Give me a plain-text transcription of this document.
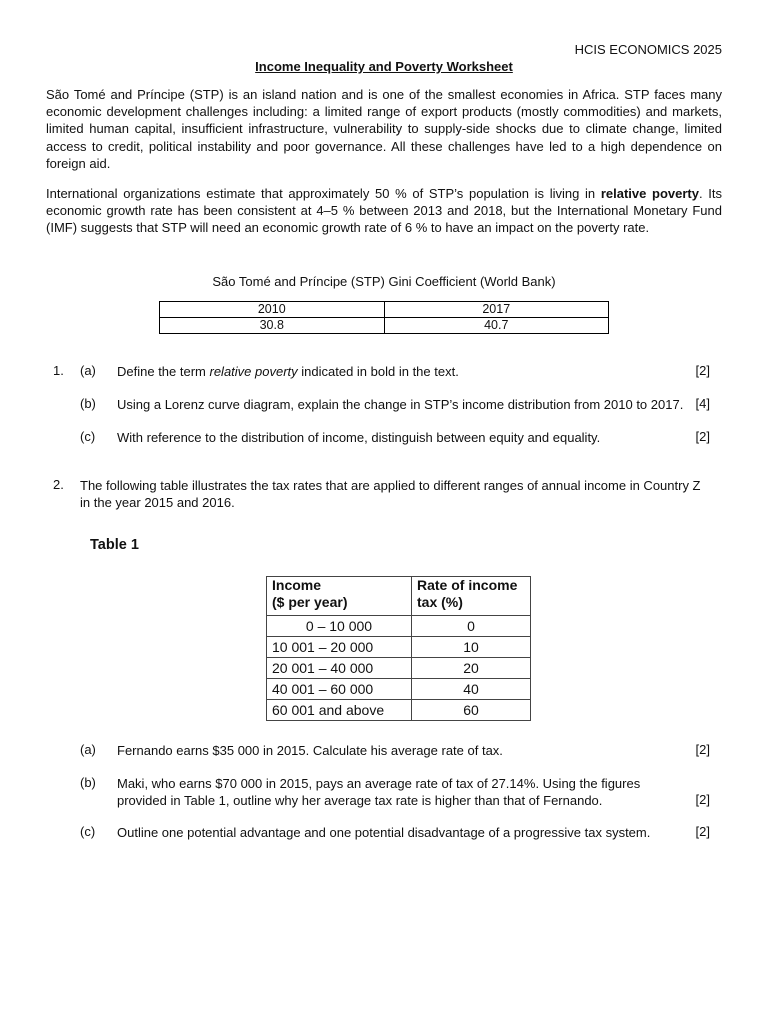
HCIS ECONOMICS 2025
Income Inequality and Poverty Worksheet
São Tomé and Príncipe (STP) is an island nation and is one of the smallest economies in Africa. STP faces many economic development challenges including: a limited range of export products (mostly commodities) and markets, limited human capital, insufficient infrastructure, vulnerability to supply-side shocks due to climate change, limited access to credit, political instability and poor governance. All these challenges have led to a high dependence on foreign aid.
International organizations estimate that approximately 50 % of STP’s population is living in relative poverty. Its economic growth rate has been consistent at 4–5 % between 2013 and 2018, but the International Monetary Fund (IMF) suggests that STP will need an economic growth rate of 6 % to have an impact on the poverty rate.
São Tomé and Príncipe (STP) Gini Coefficient (World Bank)
2010	2017
30.8	40.7
1. (a) Define the term relative poverty indicated in bold in the text.	[2]
(b) Using a Lorenz curve diagram, explain the change in STP’s income distribution from 2010 to 2017. [4]
(c) With reference to the distribution of income, distinguish between equity and equality.	[2]
2. The following table illustrates the tax rates that are applied to different ranges of annual income in Country Z
in the year 2015 and 2016.
Table 1
Income
($ per year)	Rate of income
tax (%)
0 – 10 000	0
10 001 – 20 000	10
20 001 – 40 000	20
40 001 – 60 000	40
60 001 and above	60
(a) Fernando earns $35 000 in 2015. Calculate his average rate of tax.	[2]
(b) Maki, who earns $70 000 in 2015, pays an average rate of tax of 27.14%. Using the figures
provided in Table 1, outline why her average tax rate is higher than that of Fernando.	[2]
(c) Outline one potential advantage and one potential disadvantage of a progressive tax system.	[2]
